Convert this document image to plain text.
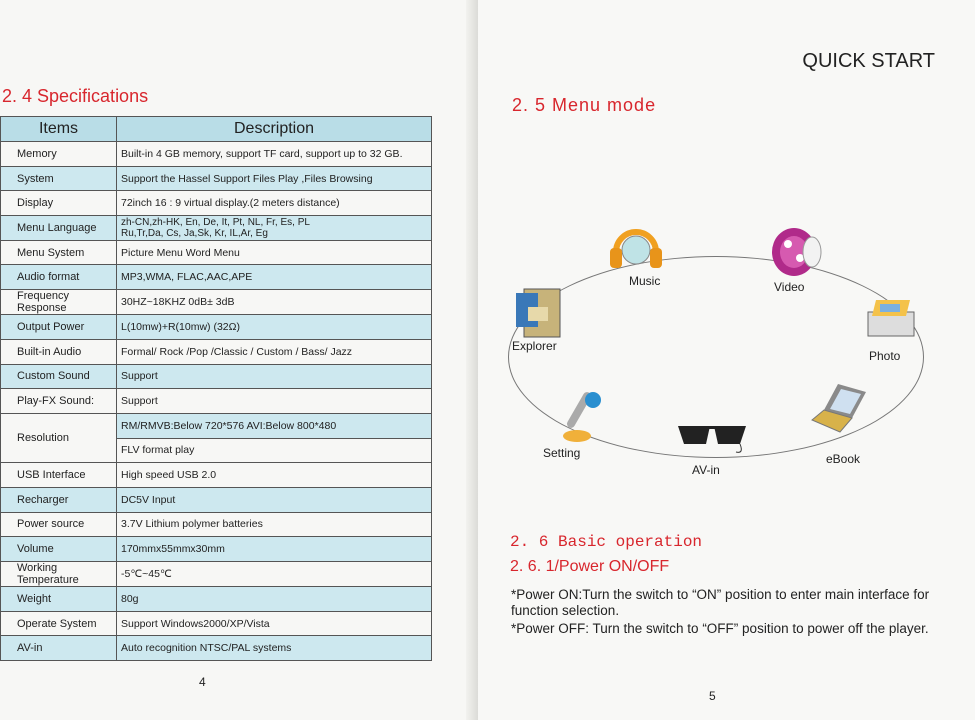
2. 4 Specifications
Items	Description
Memory	Built-in 4 GB memory, support TF card, support up to 32 GB.

System	Support the Hassel Support Files Play ,Files Browsing

Display	72inch 16 : 9 virtual display.(2 meters distance)

Menu Language	zh-CN,zh-HK, En, De, It, Pt, NL, Fr, Es, PL
Ru,Tr,Da, Cs, Ja,Sk, Kr, IL,Ar, Eg

Menu System	Picture Menu Word Menu

Audio format	MP3,WMA, FLAC,AAC,APE

Frequency Response	30HZ~18KHZ 0dB± 3dB

Output Power	L(10mw)+R(10mw) (32Ω)

Built-in Audio	Formal/ Rock /Pop /Classic / Custom / Bass/ Jazz

Custom Sound	Support

Play-FX Sound:	Support

Resolution	RM/RMVB:Below 720*576 AVI:Below 800*480

	FLV format play

USB Interface	High speed USB 2.0

Recharger	DC5V Input

Power source	3.7V Lithium polymer batteries

Volume	170mmx55mmx30mm

Working Temperature	-5℃~45℃

Weight	80g

Operate System	Support Windows2000/XP/Vista

AV-in	Auto recognition NTSC/PAL systems
4
QUICK START
2. 5 Menu mode
Music	Video
Explorer
Photo
Setting
AV-in
eBook
2. 6 Basic operation
2. 6. 1/Power ON/OFF
*Power ON:Turn the switch to “ON” position to enter main interface for function selection.
*Power OFF: Turn the switch to “OFF” position to power off the player.
5
